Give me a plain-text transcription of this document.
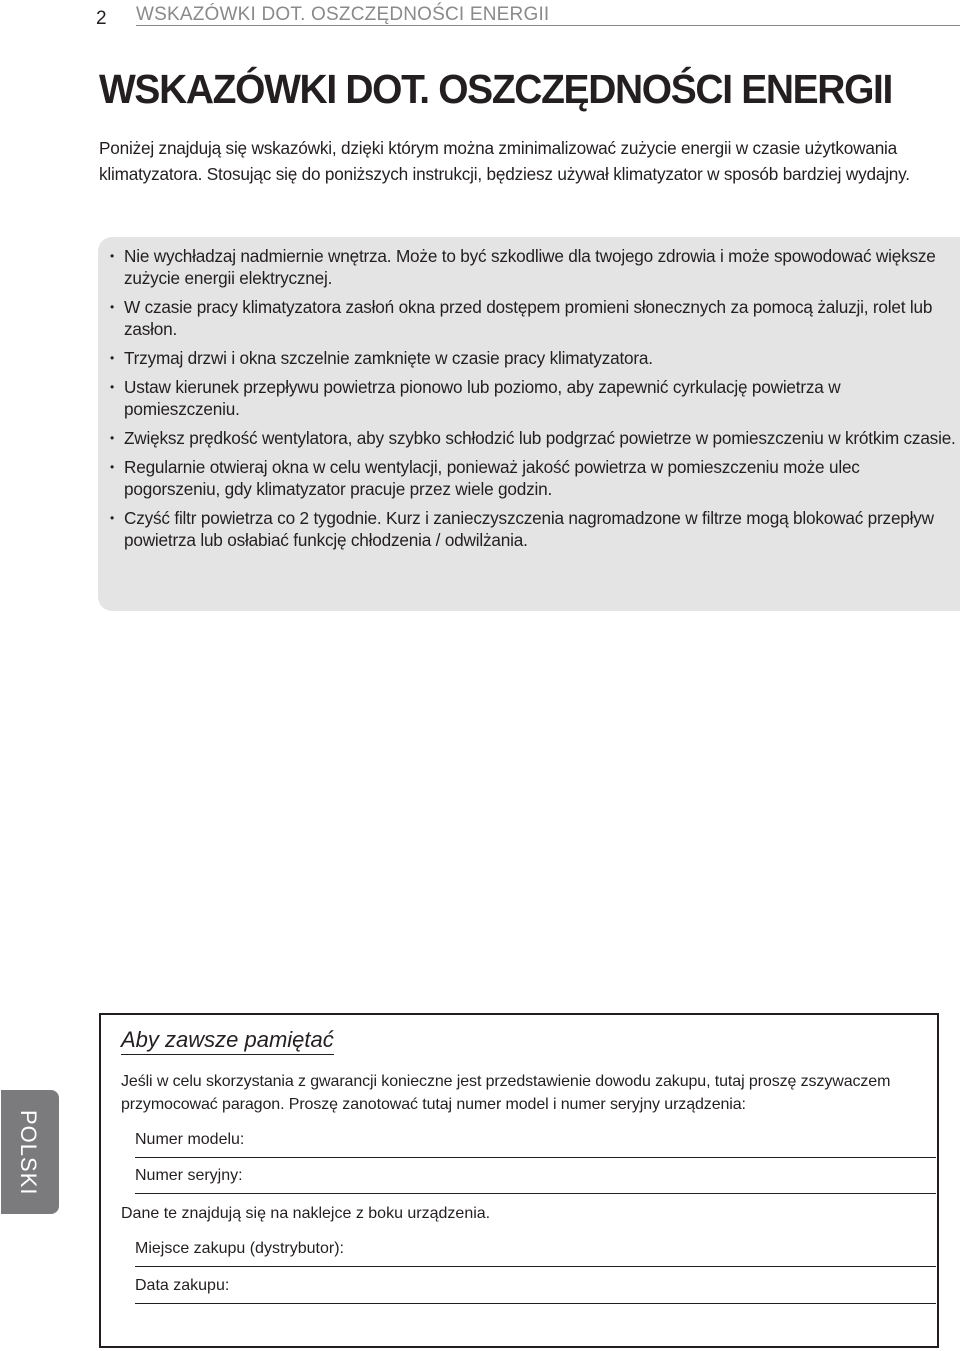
2 WSKAZÓWKI DOT. OSZCZĘDNOŚCI ENERGII
WSKAZÓWKI DOT. OSZCZĘDNOŚCI ENERGII

Poniżej znajdują się wskazówki, dzięki którym można zminimalizować zużycie energii w czasie użytkowania klimatyzatora. Stosując się do poniższych instrukcji, będziesz używał klimatyzator w sposób bardziej wydajny.

• Nie wychładzaj nadmiernie wnętrza. Może to być szkodliwe dla twojego zdrowia i może spowodować większe zużycie energii elektrycznej.
• W czasie pracy klimatyzatora zasłoń okna przed dostępem promieni słonecznych za pomocą żaluzji, rolet lub zasłon.
• Trzymaj drzwi i okna szczelnie zamknięte w czasie pracy klimatyzatora.
• Ustaw kierunek przepływu powietrza pionowo lub poziomo, aby zapewnić cyrkulację powietrza w pomieszczeniu.
• Zwiększ prędkość wentylatora, aby szybko schłodzić lub podgrzać powietrze w pomieszczeniu w krótkim czasie.
• Regularnie otwieraj okna w celu wentylacji, ponieważ jakość powietrza w pomieszczeniu może ulec pogorszeniu, gdy klimatyzator pracuje przez wiele godzin.
• Czyść filtr powietrza co 2 tygodnie. Kurz i zanieczyszczenia nagromadzone w filtrze mogą blokować przepływ powietrza lub osłabiać funkcję chłodzenia / odwilżania.
POLSKI
Aby zawsze pamiętać

Jeśli w celu skorzystania z gwarancji konieczne jest przedstawienie dowodu zakupu, tutaj proszę zszywaczem przymocować paragon. Proszę zanotować tutaj numer model i numer seryjny urządzenia:

Numer modelu:
Numer seryjny:

Dane te znajdują się na naklejce z boku urządzenia.

Miejsce zakupu (dystrybutor):
Data zakupu:
